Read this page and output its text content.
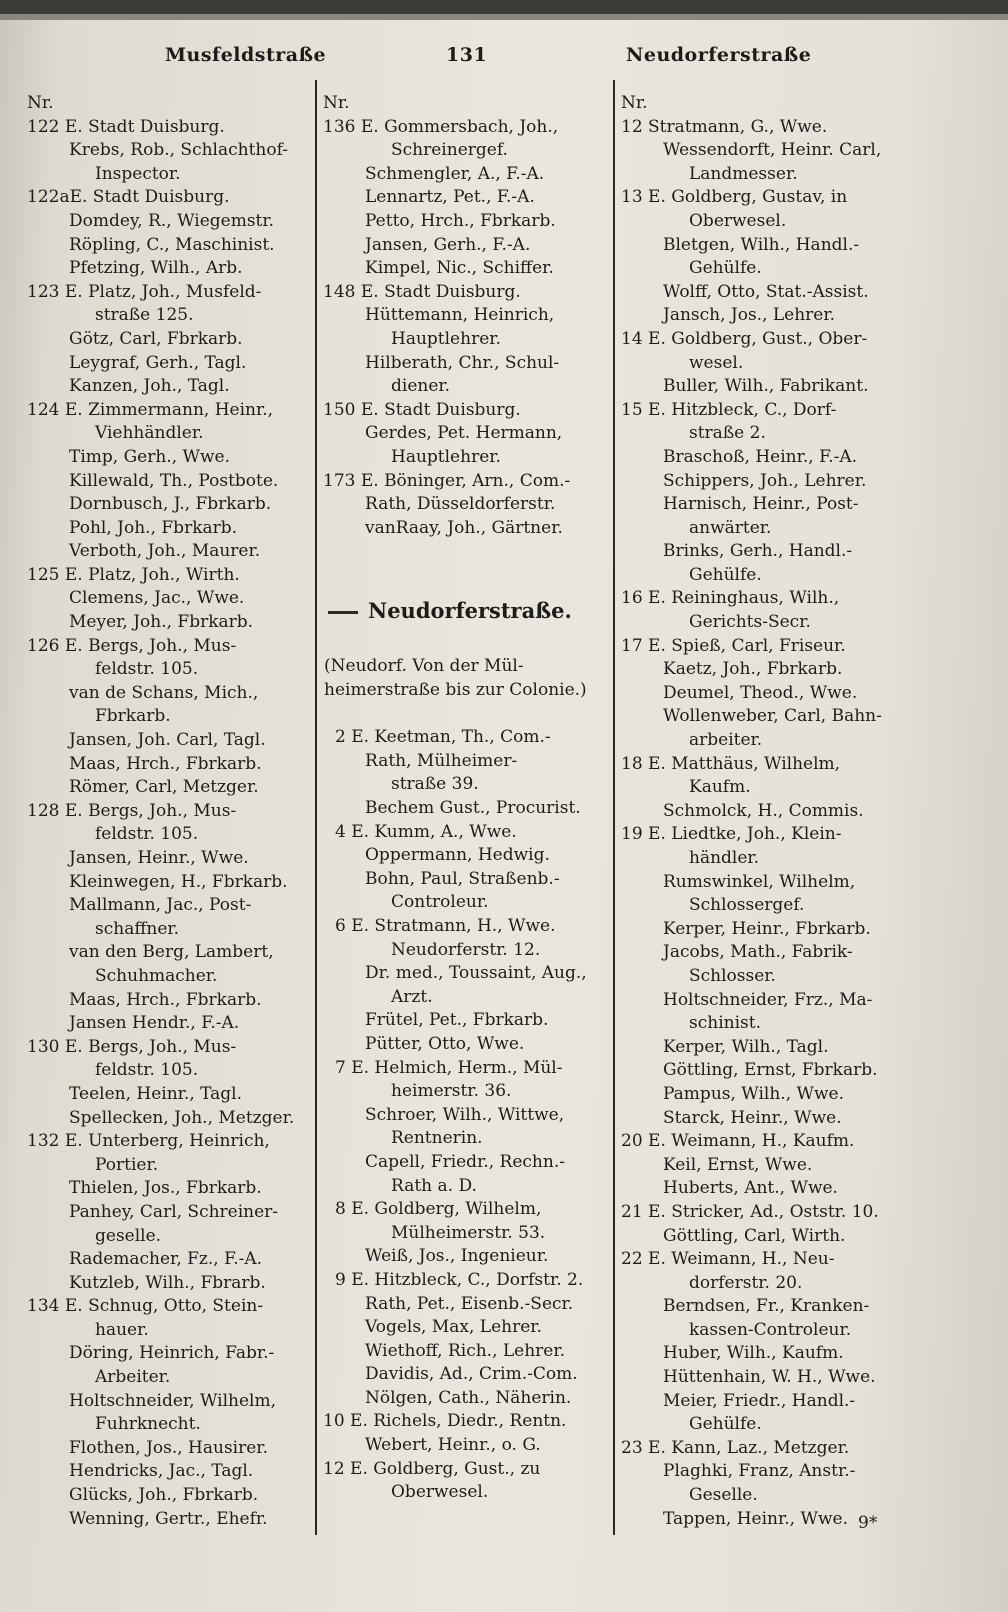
Musfeldstraße	131	Neudorferstraße
Nr.
122 E. Stadt Duisburg.
Krebs, Rob., Schlachthof-
Inspector.
122aE. Stadt Duisburg.
Domdey, R., Wiegemstr.
Röpling, C., Maschinist.
Pfetzing, Wilh., Arb.
123 E. Platz, Joh., Musfeld-
straße 125.
Götz, Carl, Fbrkarb.
Leygraf, Gerh., Tagl.
Kanzen, Joh., Tagl.
124 E. Zimmermann, Heinr.,
Viehhändler.
Timp, Gerh., Wwe.
Killewald, Th., Postbote.
Dornbusch, J., Fbrkarb.
Pohl, Joh., Fbrkarb.
Verboth, Joh., Maurer.
125 E. Platz, Joh., Wirth.
Clemens, Jac., Wwe.
Meyer, Joh., Fbrkarb.
126 E. Bergs, Joh., Mus-
feldstr. 105.
van de Schans, Mich.,
Fbrkarb.
Jansen, Joh. Carl, Tagl.
Maas, Hrch., Fbrkarb.
Römer, Carl, Metzger.
128 E. Bergs, Joh., Mus-
feldstr. 105.
Jansen, Heinr., Wwe.
Kleinwegen, H., Fbrkarb.
Mallmann, Jac., Post-
schaffner.
van den Berg, Lambert,
Schuhmacher.
Maas, Hrch., Fbrkarb.
Jansen Hendr., F.-A.
130 E. Bergs, Joh., Mus-
feldstr. 105.
Teelen, Heinr., Tagl.
Spellecken, Joh., Metzger.
132 E. Unterberg, Heinrich,
Portier.
Thielen, Jos., Fbrkarb.
Panhey, Carl, Schreiner-
geselle.
Rademacher, Fz., F.-A.
Kutzleb, Wilh., Fbrarb.
134 E. Schnug, Otto, Stein-
hauer.
Döring, Heinrich, Fabr.-
Arbeiter.
Holtschneider, Wilhelm,
Fuhrknecht.
Flothen, Jos., Hausirer.
Hendricks, Jac., Tagl.
Glücks, Joh., Fbrkarb.
Wenning, Gertr., Ehefr.
Nr.
136 E. Gommersbach, Joh.,
Schreinergef.
Schmengler, A., F.-A.
Lennartz, Pet., F.-A.
Petto, Hrch., Fbrkarb.
Jansen, Gerh., F.-A.
Kimpel, Nic., Schiffer.
148 E. Stadt Duisburg.
Hüttemann, Heinrich,
Hauptlehrer.
Hilberath, Chr., Schul-
diener.
150 E. Stadt Duisburg.
Gerdes, Pet. Hermann,
Hauptlehrer.
173 E. Böninger, Arn., Com.-
Rath, Düsseldorferstr.
vanRaay, Joh., Gärtner.
Neudorferstraße.
(Neudorf. Von der Mül-
heimerstraße bis zur Colonie.)
2 E. Keetman, Th., Com.-
Rath, Mülheimer-
straße 39.
Bechem Gust., Procurist.
4 E. Kumm, A., Wwe.
Oppermann, Hedwig.
Bohn, Paul, Straßenb.-
Controleur.
6 E. Stratmann, H., Wwe.
Neudorferstr. 12.
Dr. med., Toussaint, Aug.,
Arzt.
Frütel, Pet., Fbrkarb.
Pütter, Otto, Wwe.
7 E. Helmich, Herm., Mül-
heimerstr. 36.
Schroer, Wilh., Wittwe,
Rentnerin.
Capell, Friedr., Rechn.-
Rath a. D.
8 E. Goldberg, Wilhelm,
Mülheimerstr. 53.
Weiß, Jos., Ingenieur.
9 E. Hitzbleck, C., Dorfstr. 2.
Rath, Pet., Eisenb.-Secr.
Vogels, Max, Lehrer.
Wiethoff, Rich., Lehrer.
Davidis, Ad., Crim.-Com.
Nölgen, Cath., Näherin.
10 E. Richels, Diedr., Rentn.
Webert, Heinr., o. G.
12 E. Goldberg, Gust., zu
Oberwesel.
Nr.
12 Stratmann, G., Wwe.
Wessendorft, Heinr. Carl,
Landmesser.
13 E. Goldberg, Gustav, in
Oberwesel.
Bletgen, Wilh., Handl.-
Gehülfe.
Wolff, Otto, Stat.-Assist.
Jansch, Jos., Lehrer.
14 E. Goldberg, Gust., Ober-
wesel.
Buller, Wilh., Fabrikant.
15 E. Hitzbleck, C., Dorf-
straße 2.
Braschoß, Heinr., F.-A.
Schippers, Joh., Lehrer.
Harnisch, Heinr., Post-
anwärter.
Brinks, Gerh., Handl.-
Gehülfe.
16 E. Reininghaus, Wilh.,
Gerichts-Secr.
17 E. Spieß, Carl, Friseur.
Kaetz, Joh., Fbrkarb.
Deumel, Theod., Wwe.
Wollenweber, Carl, Bahn-
arbeiter.
18 E. Matthäus, Wilhelm,
Kaufm.
Schmolck, H., Commis.
19 E. Liedtke, Joh., Klein-
händler.
Rumswinkel, Wilhelm,
Schlossergef.
Kerper, Heinr., Fbrkarb.
Jacobs, Math., Fabrik-
Schlosser.
Holtschneider, Frz., Ma-
schinist.
Kerper, Wilh., Tagl.
Göttling, Ernst, Fbrkarb.
Pampus, Wilh., Wwe.
Starck, Heinr., Wwe.
20 E. Weimann, H., Kaufm.
Keil, Ernst, Wwe.
Huberts, Ant., Wwe.
21 E. Stricker, Ad., Oststr. 10.
Göttling, Carl, Wirth.
22 E. Weimann, H., Neu-
dorferstr. 20.
Berndsen, Fr., Kranken-
kassen-Controleur.
Huber, Wilh., Kaufm.
Hüttenhain, W. H., Wwe.
Meier, Friedr., Handl.-
Gehülfe.
23 E. Kann, Laz., Metzger.
Plaghki, Franz, Anstr.-
Geselle.
Tappen, Heinr., Wwe. 9*
